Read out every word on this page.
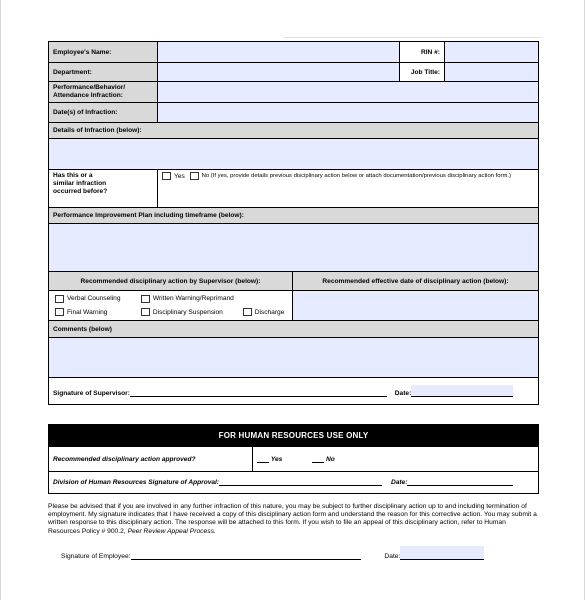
Employee's Name:			RIN #:	
Department:			Job Title:	

Performance/Behavior/
Attendance Infraction:				

Date(s) of Infraction:				
Details of Infraction (below):				

Has this or a
similar infraction
occurred before?	Yes No (If yes, provide details previous disciplinary action below or attach documentation/previous disciplinary action form.)			
Performance Improvement Plan including timeframe (below):				

Recommended disciplinary action by Supervisor (below):		Recommended effective date of disciplinary action (below):		

Verbal Counseling Written Warning/Reprimand
Final Warning Disciplinary Suspension Discharge				

Comments (below)				

Signature of Supervisor: Date:				
FOR HUMAN RESOURCES USE ONLY
Recommended disciplinary action approved?	Yes	No
Division of Human Resources Signature of Approval:	Date:
Please be advised that if you are involved in any further infraction of this nature, you may be subject to further disciplinary action up to and including termination of employment. My signature indicates that I have received a copy of this disciplinary action form and understand the reason for this corrective action. You may submit a written response to this disciplinary action. The response will be attached to this form. If you wish to file an appeal of this disciplinary action, refer to Human Resources Policy # 900.2, Peer Review Appeal Process.
Signature of Employee:	Date:
